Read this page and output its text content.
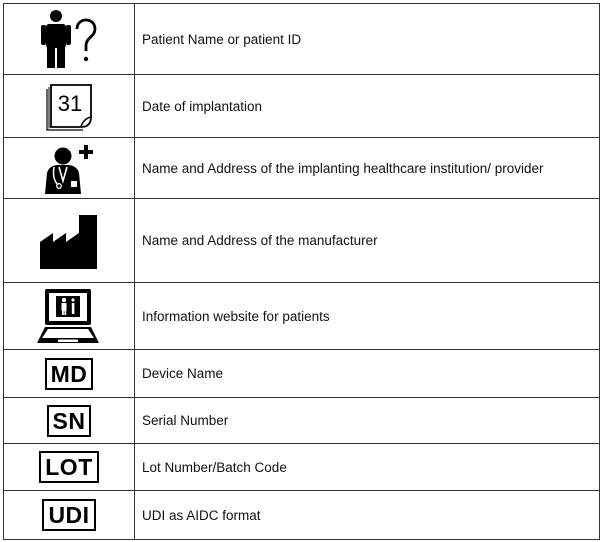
	Patient Name or patient ID

31	Date of implantation

	Name and Address of the implanting healthcare institution/ provider

	Name and Address of the manufacturer

	Information website for patients
MD	Device Name
SN	Serial Number
LOT	Lot Number/Batch Code
UDI	UDI as AIDC format
